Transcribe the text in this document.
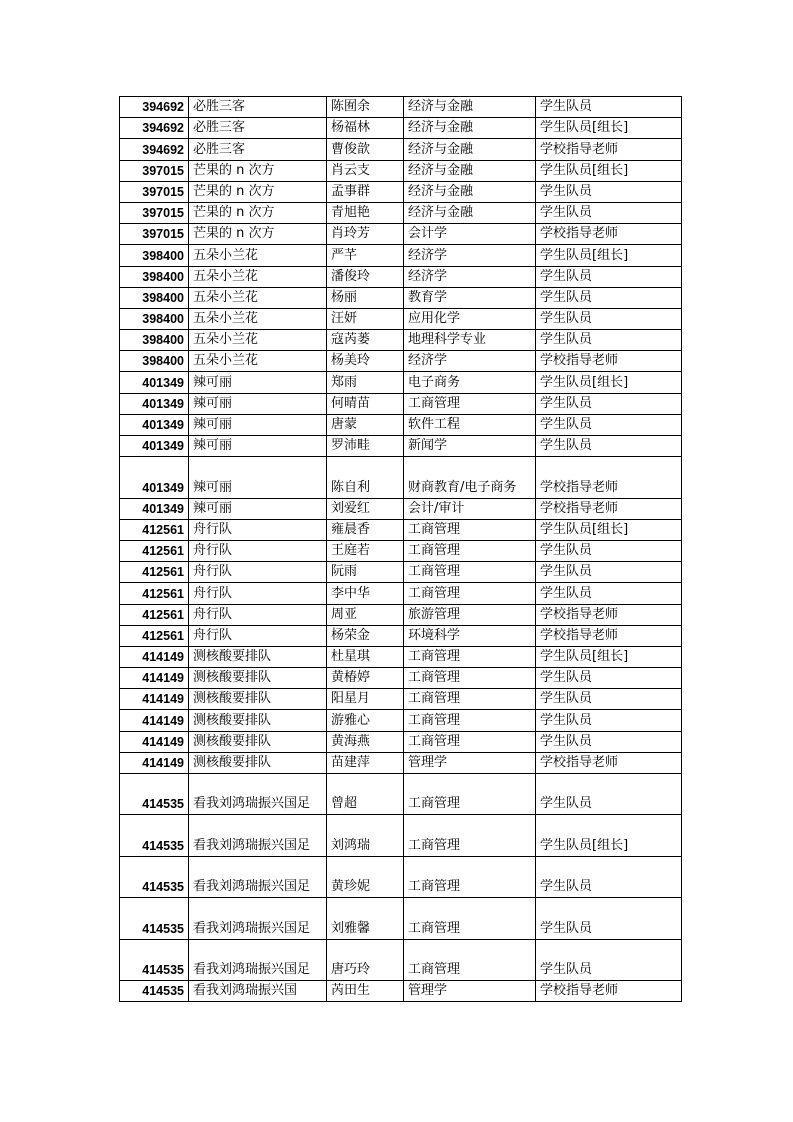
394692	必胜三客	陈囿余	经济与金融	学生队员
394692	必胜三客	杨福林	经济与金融	学生队员[组长]
394692	必胜三客	曹俊歆	经济与金融	学校指导老师
397015	芒果的 n 次方	肖云支	经济与金融	学生队员[组长]
397015	芒果的 n 次方	孟事群	经济与金融	学生队员
397015	芒果的 n 次方	青旭艳	经济与金融	学生队员
397015	芒果的 n 次方	肖玲芳	会计学	学校指导老师
398400	五朵小兰花	严芊	经济学	学生队员[组长]
398400	五朵小兰花	潘俊玲	经济学	学生队员
398400	五朵小兰花	杨丽	教育学	学生队员
398400	五朵小兰花	汪妍	应用化学	学生队员
398400	五朵小兰花	寇芮蒌	地理科学专业	学生队员
398400	五朵小兰花	杨美玲	经济学	学校指导老师
401349	辣可丽	郑雨	电子商务	学生队员[组长]
401349	辣可丽	何晴苗	工商管理	学生队员
401349	辣可丽	唐蒙	软件工程	学生队员
401349	辣可丽	罗沛畦	新闻学	学生队员
401349	辣可丽	陈自利	财商教育/电子商务	学校指导老师
401349	辣可丽	刘爱红	会计/审计	学校指导老师
412561	舟行队	雍晨香	工商管理	学生队员[组长]
412561	舟行队	王庭若	工商管理	学生队员
412561	舟行队	阮雨	工商管理	学生队员
412561	舟行队	李中华	工商管理	学生队员
412561	舟行队	周亚	旅游管理	学校指导老师
412561	舟行队	杨荣金	环境科学	学校指导老师
414149	测核酸要排队	杜星琪	工商管理	学生队员[组长]
414149	测核酸要排队	黄椿婷	工商管理	学生队员
414149	测核酸要排队	阳星月	工商管理	学生队员
414149	测核酸要排队	游雅心	工商管理	学生队员
414149	测核酸要排队	黄海燕	工商管理	学生队员
414149	测核酸要排队	苗建萍	管理学	学校指导老师
414535	看我刘鸿瑞振兴国足	曾超	工商管理	学生队员
414535	看我刘鸿瑞振兴国足	刘鸿瑞	工商管理	学生队员[组长]
414535	看我刘鸿瑞振兴国足	黄珍妮	工商管理	学生队员
414535	看我刘鸿瑞振兴国足	刘雅馨	工商管理	学生队员
414535	看我刘鸿瑞振兴国足	唐巧玲	工商管理	学生队员
414535	看我刘鸿瑞振兴国	芮田生	管理学	学校指导老师
